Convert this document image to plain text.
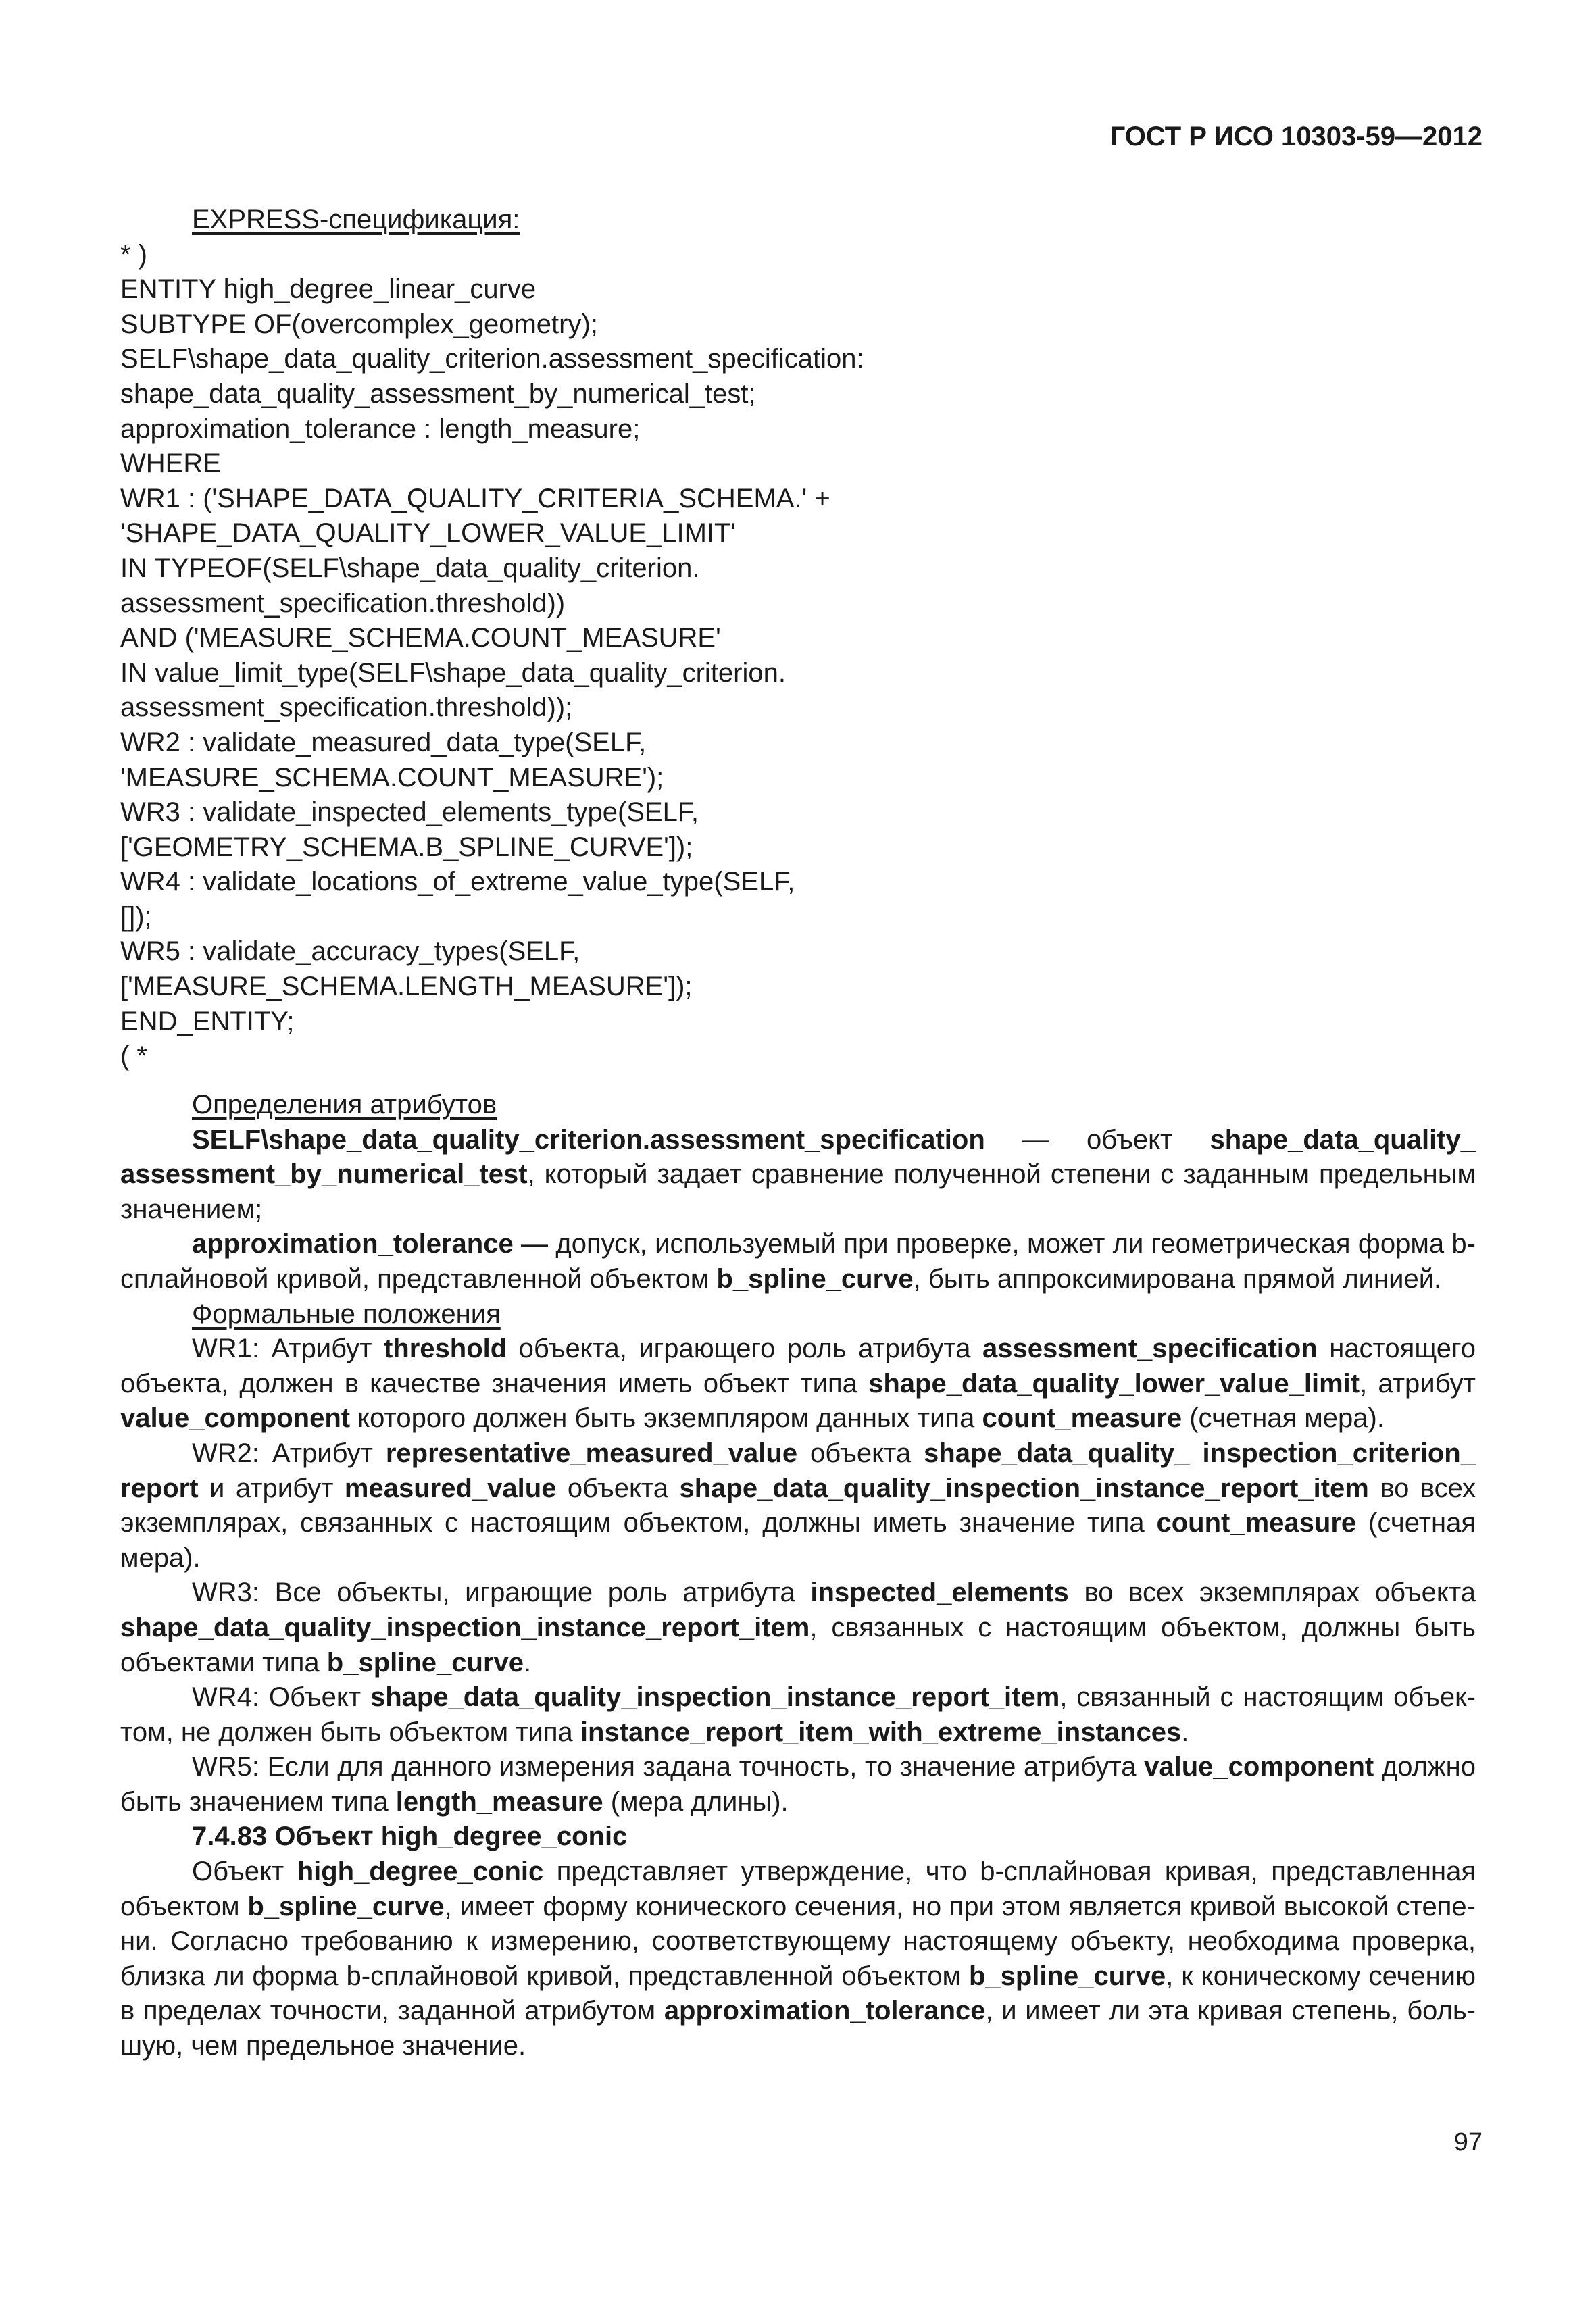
ГОСТ Р ИСО 10303-59—2012
EXPRESS-спецификация:
* )
ENTITY high_degree_linear_curve
SUBTYPE OF(overcomplex_geometry);
SELF\shape_data_quality_criterion.assessment_specification:
shape_data_quality_assessment_by_numerical_test;
approximation_tolerance : length_measure;
WHERE
WR1 : ('SHAPE_DATA_QUALITY_CRITERIA_SCHEMA.' +
'SHAPE_DATA_QUALITY_LOWER_VALUE_LIMIT'
IN TYPEOF(SELF\shape_data_quality_criterion.
assessment_specification.threshold))
AND ('MEASURE_SCHEMA.COUNT_MEASURE'
IN value_limit_type(SELF\shape_data_quality_criterion.
assessment_specification.threshold));
WR2 : validate_measured_data_type(SELF,
'MEASURE_SCHEMA.COUNT_MEASURE');
WR3 : validate_inspected_elements_type(SELF,
['GEOMETRY_SCHEMA.B_SPLINE_CURVE']);
WR4 : validate_locations_of_extreme_value_type(SELF,
[]);
WR5 : validate_accuracy_types(SELF,
['MEASURE_SCHEMA.LENGTH_MEASURE']);
END_ENTITY;
( *
Определения атрибутов

SELF\shape_data_quality_criterion.assessment_specification — объект shape_data_quality_ assessment_by_numerical_test, который задает сравнение полученной степени с заданным предельным значением;

approximation_tolerance — допуск, используемый при проверке, может ли геометрическая форма b-сплайновой кривой, представленной объектом b_spline_curve, быть аппроксимирована прямой линией.

Формальные положения

WR1: Атрибут threshold объекта, играющего роль атрибута assessment_specification настоящего объекта, должен в качестве значения иметь объект типа shape_data_quality_lower_value_limit, атрибут value_component которого должен быть экземпляром данных типа count_measure (счетная мера).

WR2: Атрибут representative_measured_value объекта shape_data_quality_ inspection_criterion_ report и атрибут measured_value объекта shape_data_quality_inspection_instance_report_item во всех экземплярах, связанных с настоящим объектом, должны иметь значение типа count_measure (счетная мера).

WR3: Все объекты, играющие роль атрибута inspected_elements во всех экземплярах объекта shape_data_quality_inspection_instance_report_item, связанных с настоящим объектом, должны быть объектами типа b_spline_curve.

WR4: Объект shape_data_quality_inspection_instance_report_item, связанный с настоящим объек-том, не должен быть объектом типа instance_report_item_with_extreme_instances.

WR5: Если для данного измерения задана точность, то значение атрибута value_component должно быть значением типа length_measure (мера длины).

7.4.83 Объект high_degree_conic

Объект high_degree_conic представляет утверждение, что b-сплайновая кривая, представленная объектом b_spline_curve, имеет форму конического сечения, но при этом является кривой высокой степе-ни. Согласно требованию к измерению, соответствующему настоящему объекту, необходима проверка, близка ли форма b-сплайновой кривой, представленной объектом b_spline_curve, к коническому сечению в пределах точности, заданной атрибутом approximation_tolerance, и имеет ли эта кривая степень, боль-шую, чем предельное значение.

97
